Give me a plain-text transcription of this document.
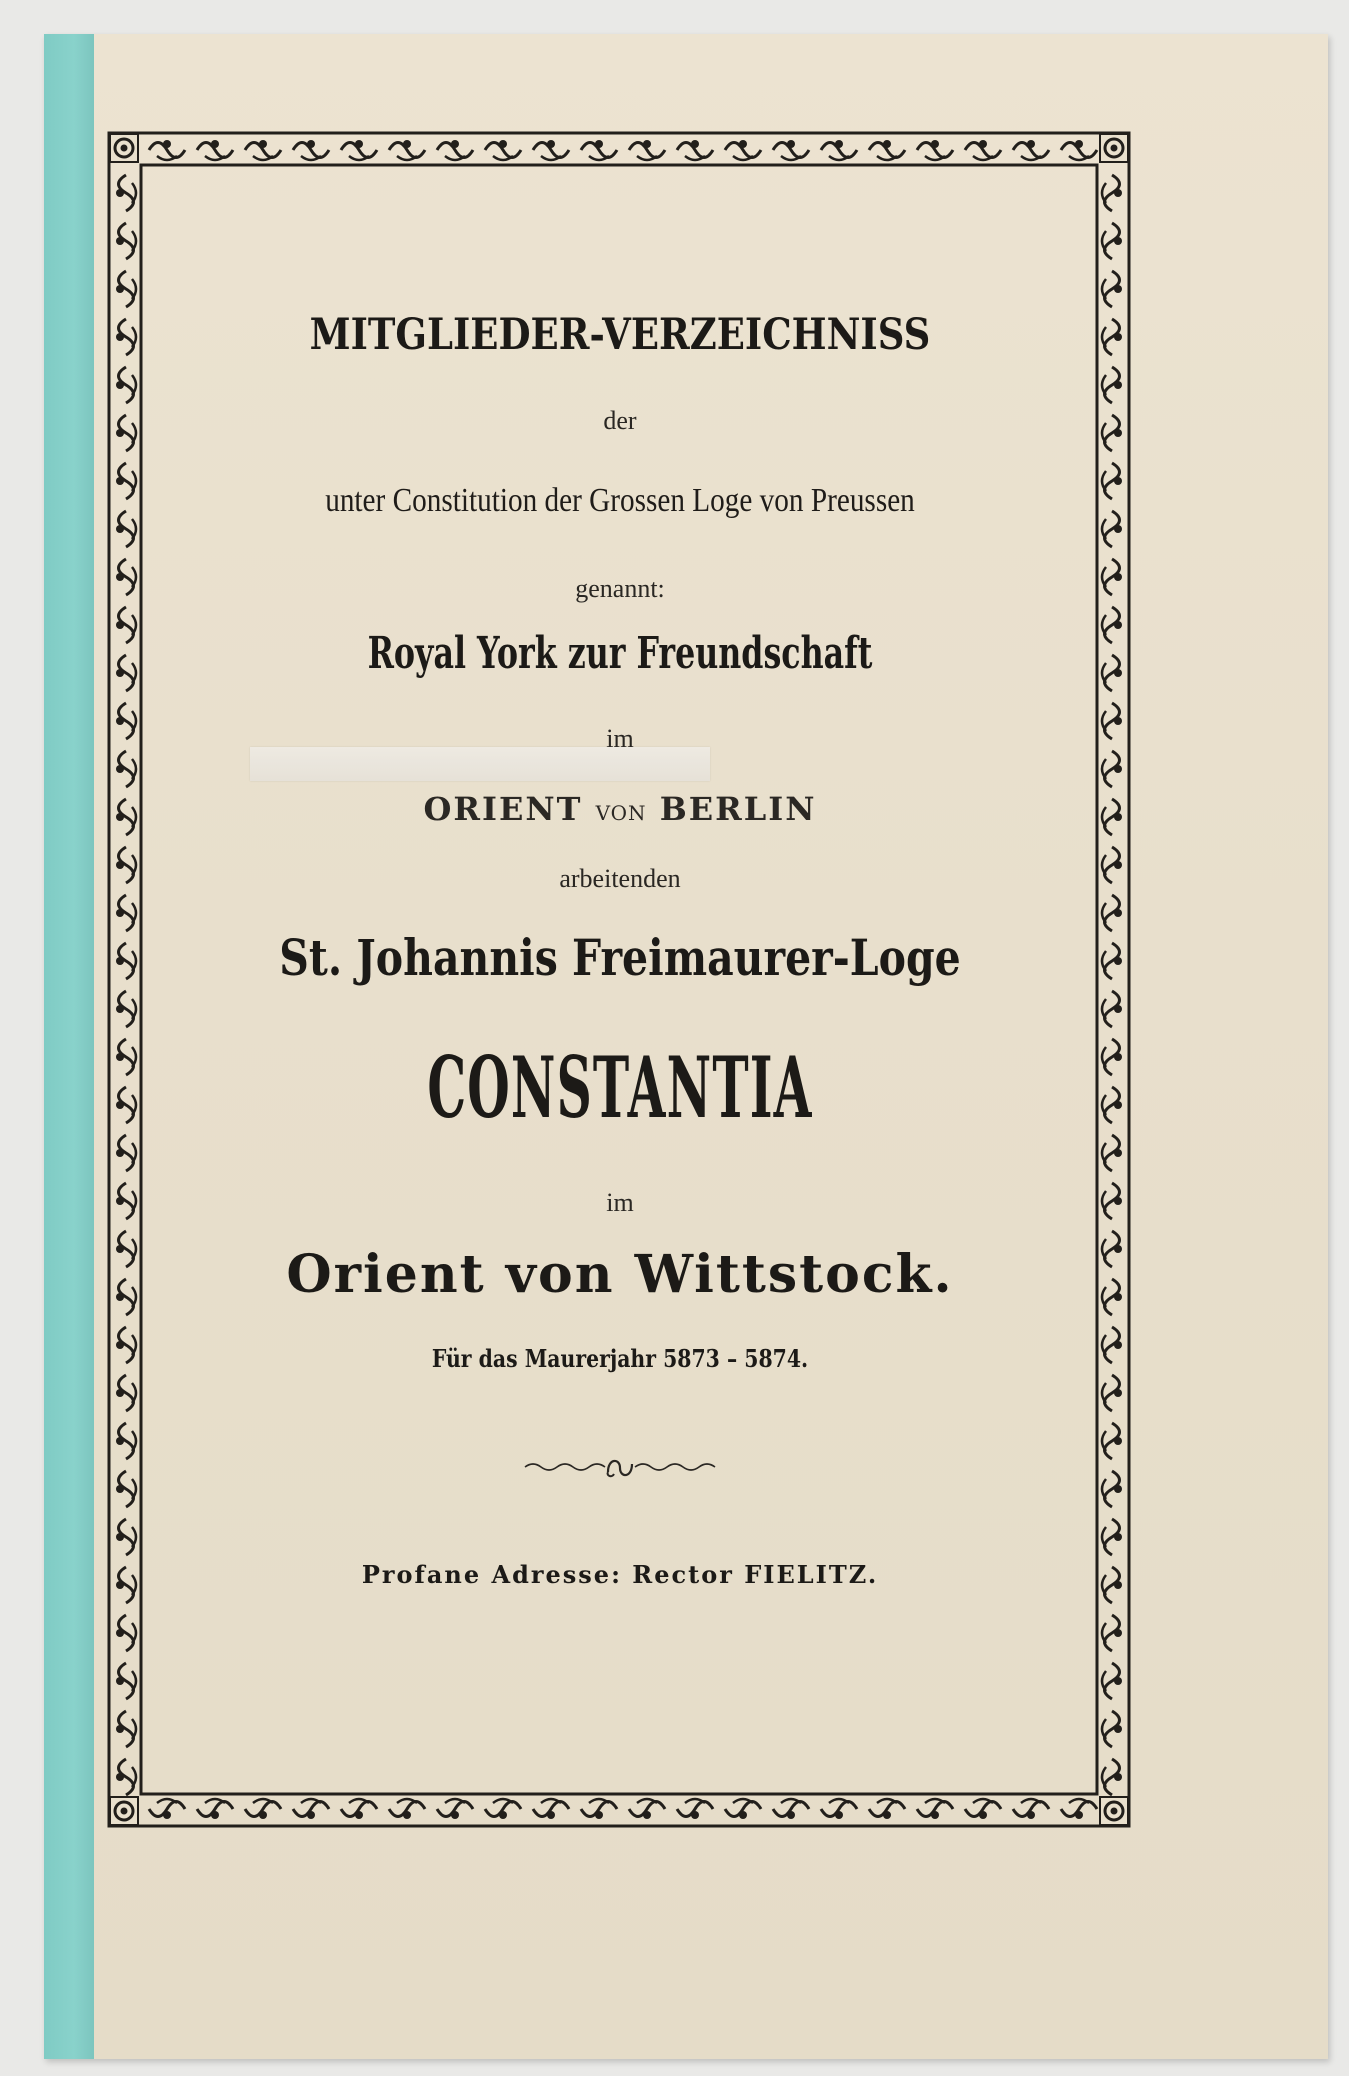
MITGLIEDER-VERZEICHNISS
der
unter Constitution der Grossen Loge von Preussen
genannt:
Royal York zur Freundschaft
im
ORIENT VON BERLIN
arbeitenden
St. Johannis Freimaurer-Loge
CONSTANTIA
im
Orient von Wittstock.
Für das Maurerjahr 5873 – 5874.
Profane Adresse: Rector FIELITZ.
